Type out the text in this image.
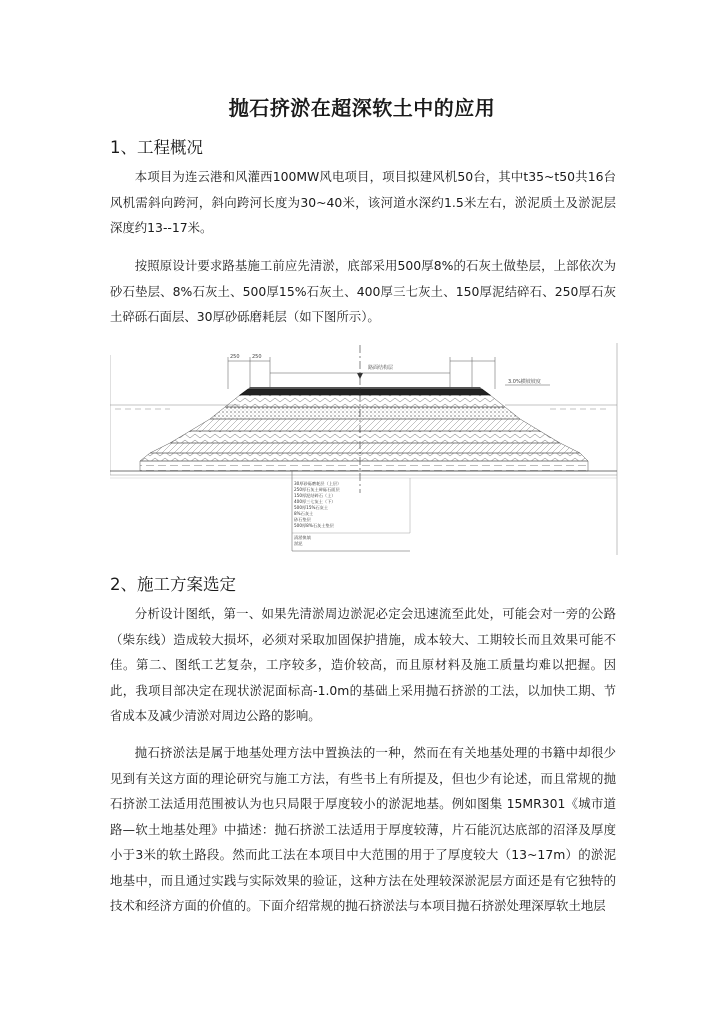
抛石挤淤在超深软土中的应用
1、工程概况

本项目为连云港和风灌西100MW风电项目，项目拟建风机50台，其中t35~t50共16台风机需斜向跨河，斜向跨河长度为30~40米，该河道水深约1.5米左右，淤泥质土及淤泥层深度约13--17米。

按照原设计要求路基施工前应先清淤，底部采用500厚8%的石灰土做垫层，上部依次为砂石垫层、8%石灰土、500厚15%石灰土、400厚三七灰土、150厚泥结碎石、250厚石灰土碎砾石面层、30厚砂砾磨耗层（如下图所示）。

250 250
路面结构层
3.0%横坡坡度
30厚砂砾磨耗层（上层）
250厚石灰土碎砾石面层
150厚泥结碎石（上）
400厚三七灰土（下）
500厚15%石灰土
8%石灰土
砂石垫层
500厚8%石灰土垫层
清淤换填
淤泥
2、施工方案选定

分析设计图纸，第一、如果先清淤周边淤泥必定会迅速流至此处，可能会对一旁的公路（柴东线）造成较大损坏，必须对采取加固保护措施，成本较大、工期较长而且效果可能不佳。第二、图纸工艺复杂，工序较多，造价较高，而且原材料及施工质量均难以把握。因此，我项目部决定在现状淤泥面标高-1.0m的基础上采用抛石挤淤的工法，以加快工期、节省成本及减少清淤对周边公路的影响。

抛石挤淤法是属于地基处理方法中置换法的一种，然而在有关地基处理的书籍中却很少见到有关这方面的理论研究与施工方法，有些书上有所提及，但也少有论述，而且常规的抛石挤淤工法适用范围被认为也只局限于厚度较小的淤泥地基。例如图集 15MR301《城市道路—软土地基处理》中描述：抛石挤淤工法适用于厚度较薄，片石能沉达底部的沼泽及厚度小于3米的软土路段。然而此工法在本项目中大范围的用于了厚度较大（13~17m）的淤泥地基中，而且通过实践与实际效果的验证，这种方法在处理较深淤泥层方面还是有它独特的技术和经济方面的价值的。下面介绍常规的抛石挤淤法与本项目抛石挤淤处理深厚软土地层
